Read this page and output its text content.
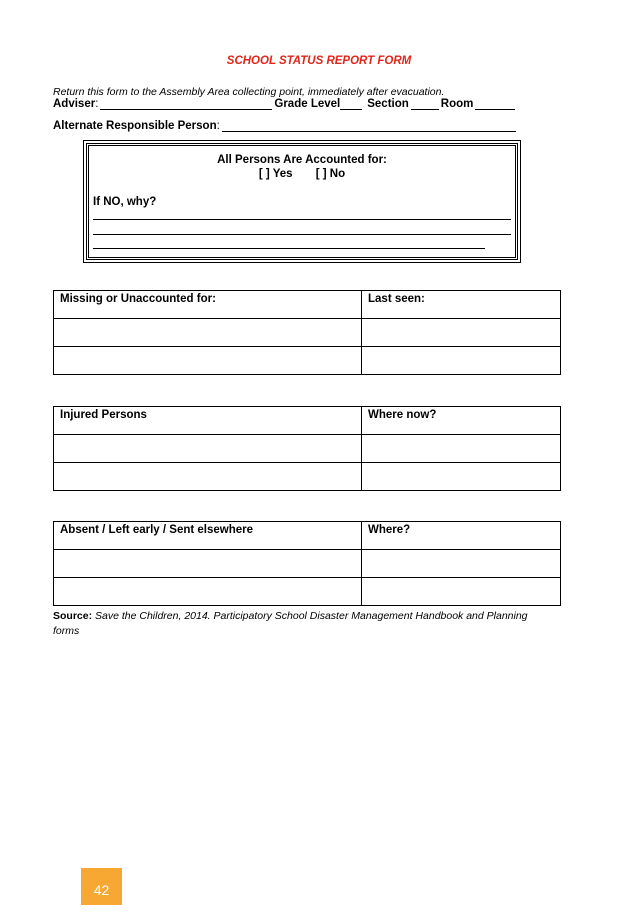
SCHOOL STATUS REPORT FORM
Return this form to the Assembly Area collecting point, immediately after evacuation.
Adviser :	Grade Level Section	Room
Alternate Responsible Person :
All Persons Are Accounted for:
[ ] Yes [ ] No
If NO, why?
Missing or Unaccounted for:	Last seen:

Injured Persons	Where now?

Absent / Left early / Sent elsewhere	Where?

Source: Save the Children, 2014. Participatory School Disaster Management Handbook and Planning forms
42
